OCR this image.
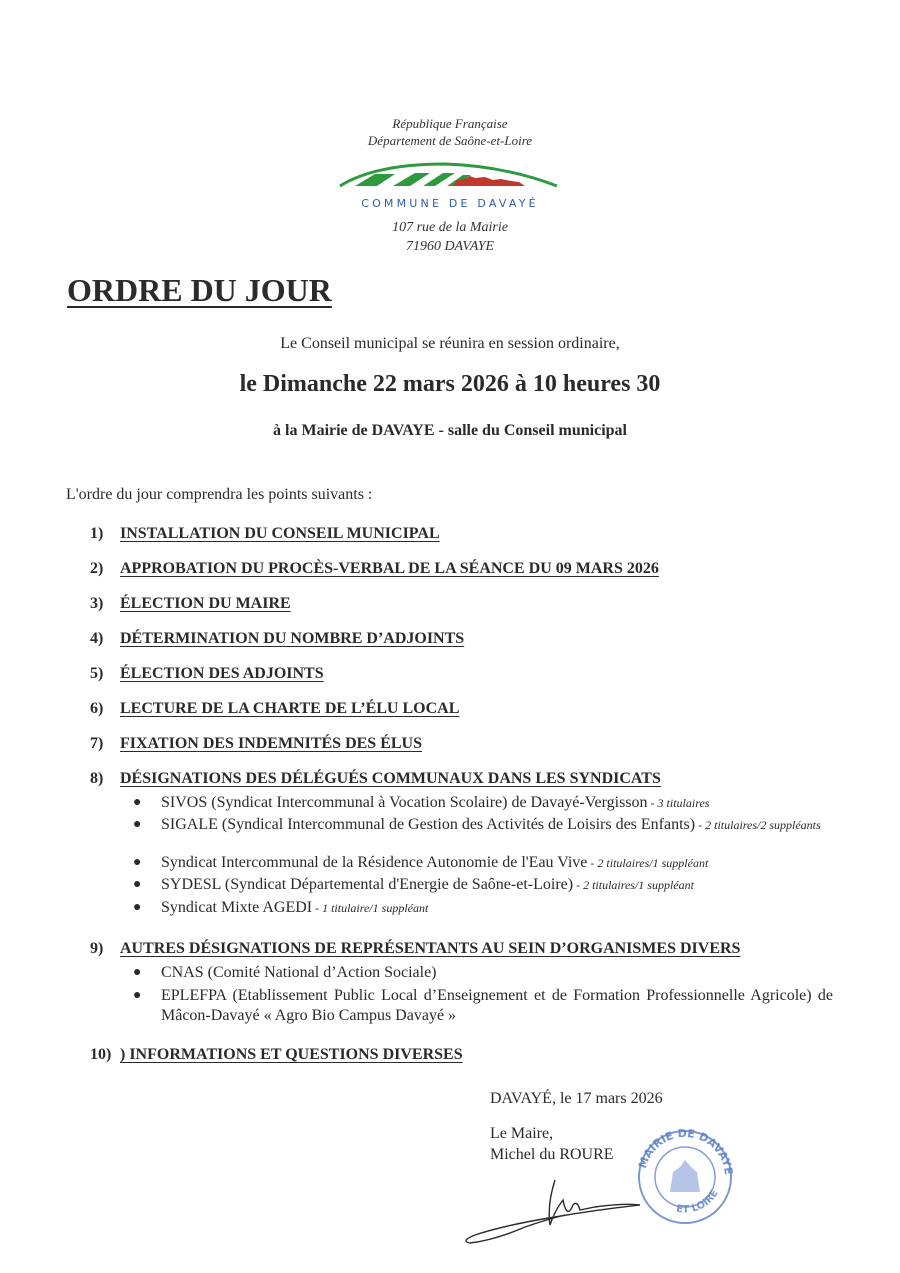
République Française
Département de Saône-et-Loire
COMMUNE DE DAVAYÉ
107 rue de la Mairie
71960 DAVAYE
ORDRE DU JOUR
Le Conseil municipal se réunira en session ordinaire,
le Dimanche 22 mars 2026 à 10 heures 30
à la Mairie de DAVAYE - salle du Conseil municipal
L'ordre du jour comprendra les points suivants :
1) INSTALLATION DU CONSEIL MUNICIPAL
2) APPROBATION DU PROCÈS-VERBAL DE LA SÉANCE DU 09 MARS 2026
3) ÉLECTION DU MAIRE
4) DÉTERMINATION DU NOMBRE D’ADJOINTS
5) ÉLECTION DES ADJOINTS
6) LECTURE DE LA CHARTE DE L’ÉLU LOCAL
7) FIXATION DES INDEMNITÉS DES ÉLUS
8) DÉSIGNATIONS DES DÉLÉGUÉS COMMUNAUX DANS LES SYNDICATS
● SIVOS (Syndicat Intercommunal à Vocation Scolaire) de Davayé-Vergisson - 3 titulaires
● SIGALE (Syndical Intercommunal de Gestion des Activités de Loisirs des Enfants) - 2 titulaires/2 suppléants
● Syndicat Intercommunal de la Résidence Autonomie de l'Eau Vive - 2 titulaires/1 suppléant
● SYDESL (Syndicat Départemental d'Energie de Saône-et-Loire) - 2 titulaires/1 suppléant
● Syndicat Mixte AGEDI - 1 titulaire/1 suppléant
9) AUTRES DÉSIGNATIONS DE REPRÉSENTANTS AU SEIN D’ORGANISMES DIVERS
● CNAS (Comité National d’Action Sociale)
● EPLEFPA (Etablissement Public Local d’Enseignement et de Formation Professionnelle Agricole) de Mâcon-Davayé « Agro Bio Campus Davayé »
10) ) INFORMATIONS ET QUESTIONS DIVERSES
DAVAYÉ, le 17 mars 2026
Le Maire,
Michel du ROURE MAIRIE DE DAVAYE
ET LOIRE
